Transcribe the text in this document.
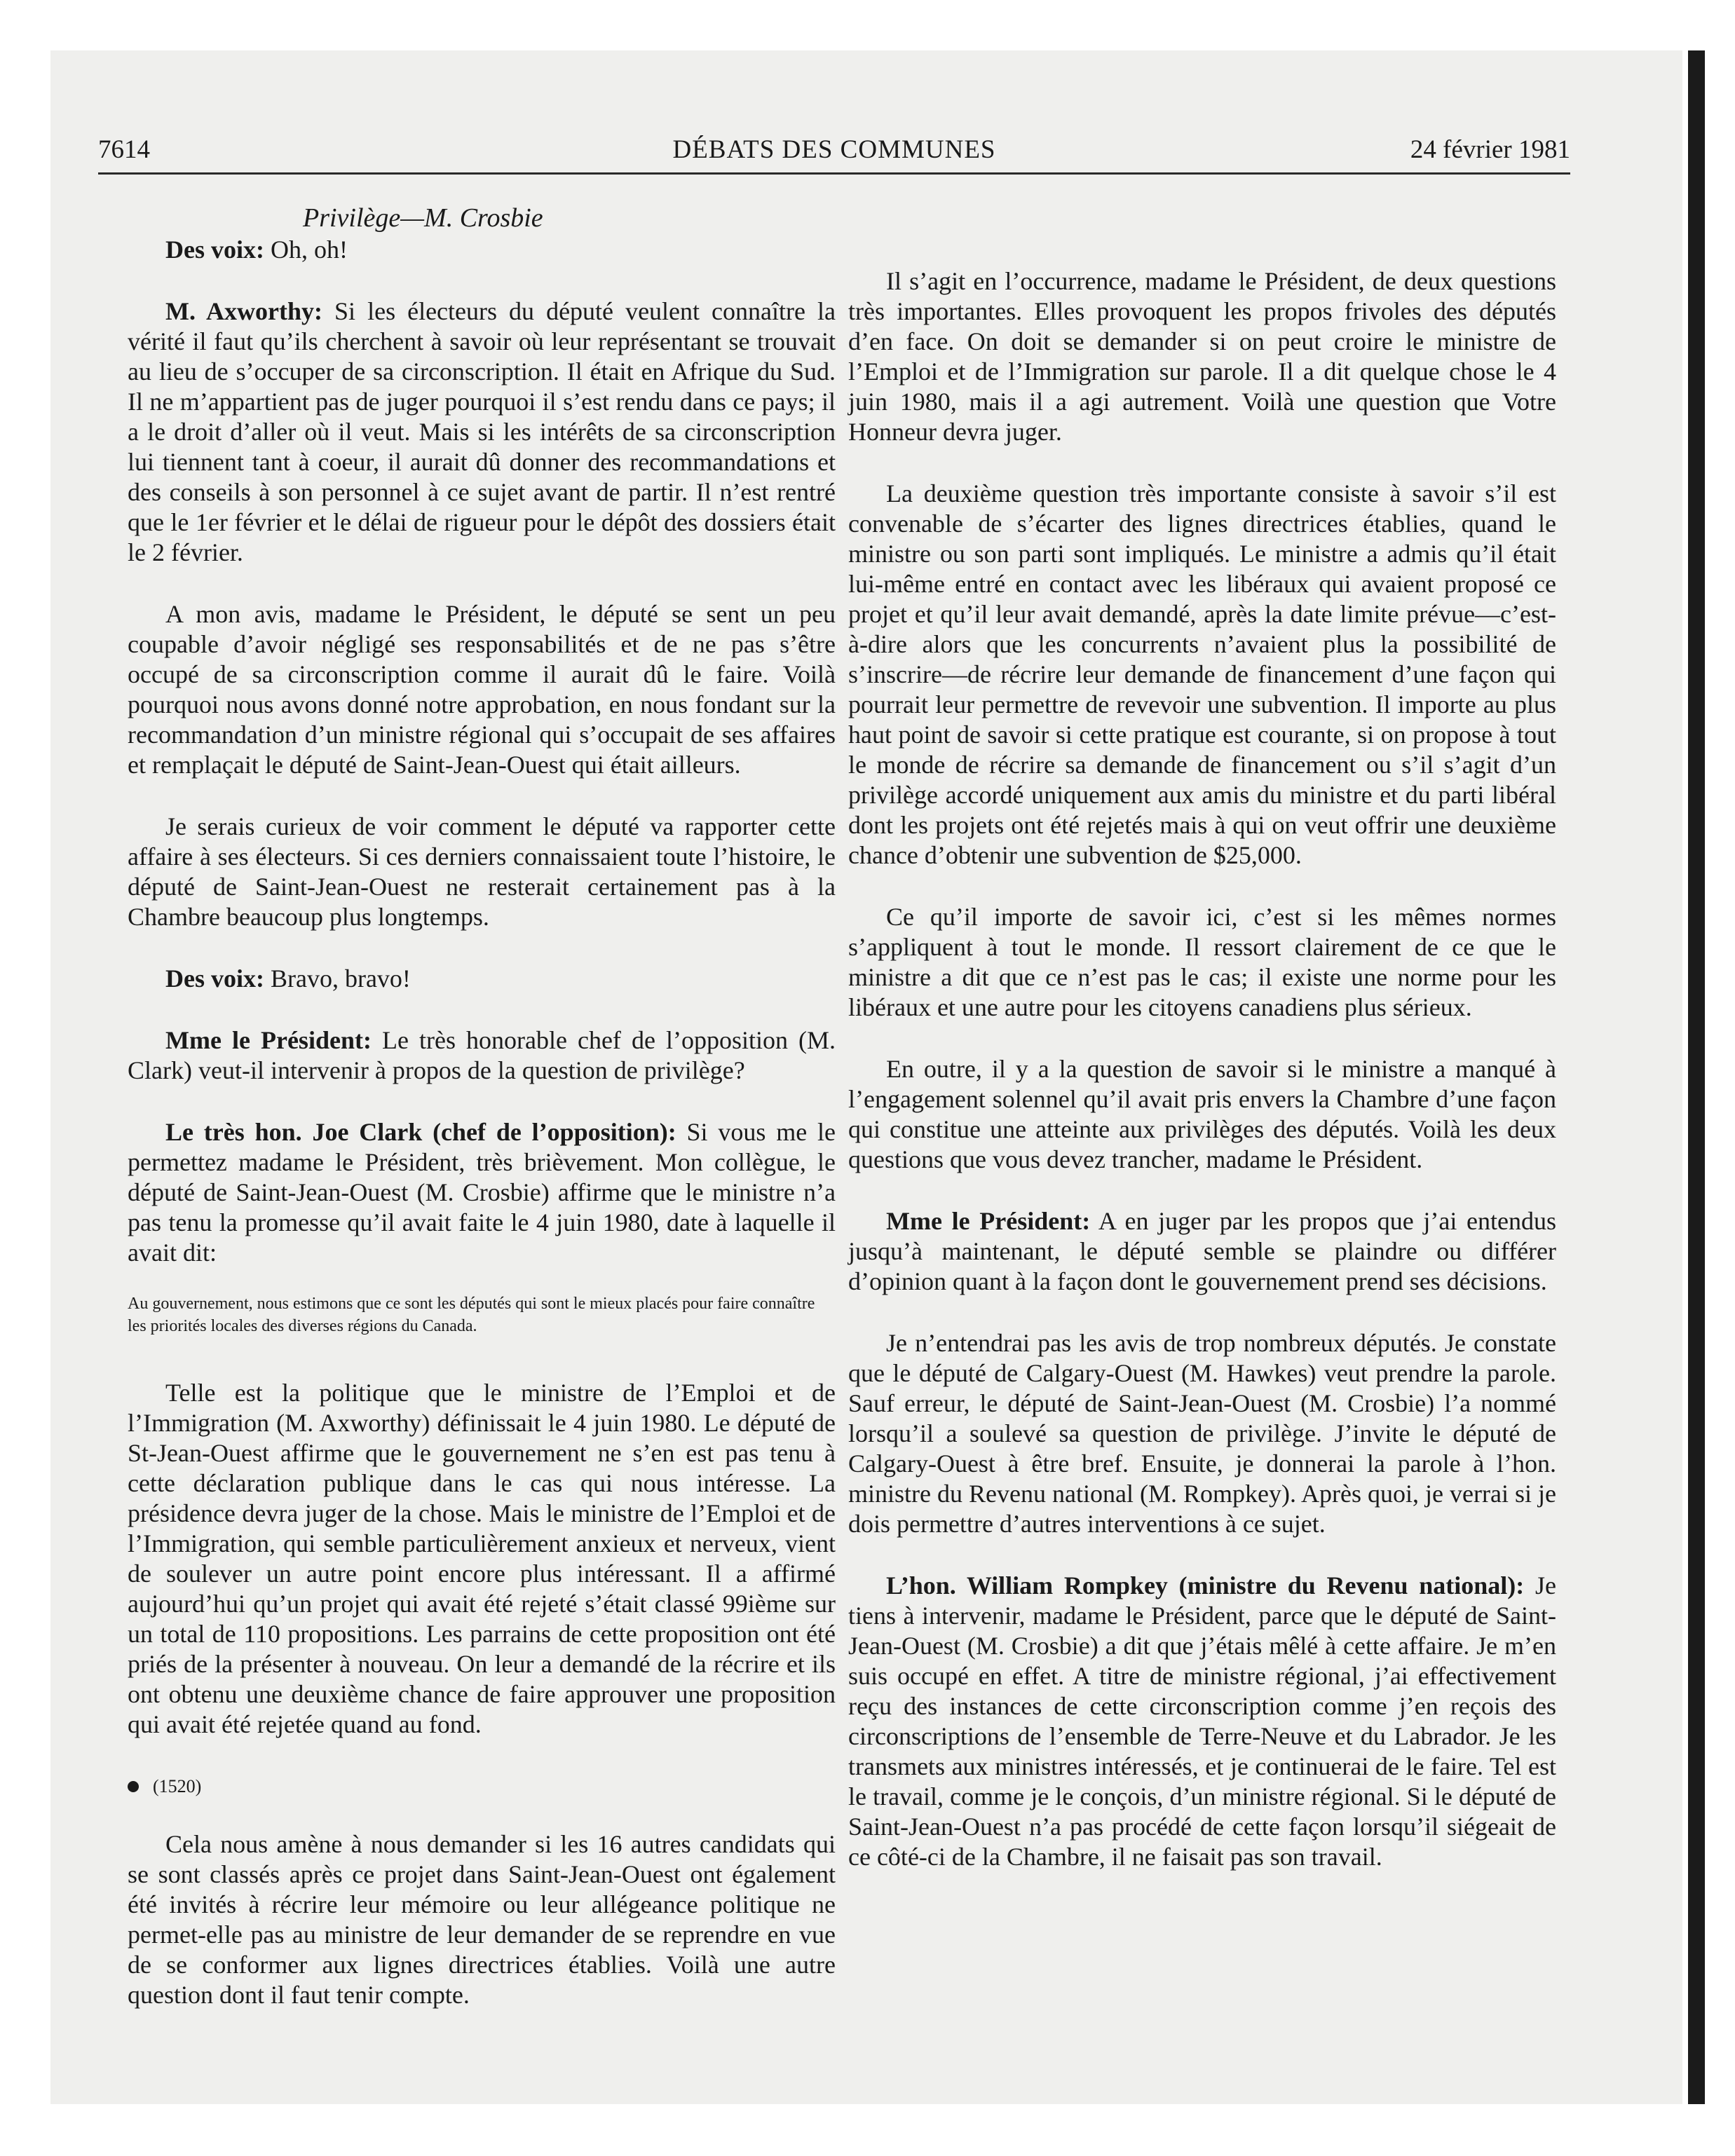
7614	DÉBATS DES COMMUNES	24 février 1981
Privilège—M. Crosbie

Des voix: Oh, oh!

M. Axworthy: Si les électeurs du député veulent connaître la vérité il faut qu’ils cherchent à savoir où leur représentant se trouvait au lieu de s’occuper de sa circonscription. Il était en Afrique du Sud. Il ne m’appartient pas de juger pourquoi il s’est rendu dans ce pays; il a le droit d’aller où il veut. Mais si les intérêts de sa circonscription lui tiennent tant à coeur, il aurait dû donner des recommandations et des conseils à son personnel à ce sujet avant de partir. Il n’est rentré que le 1er février et le délai de rigueur pour le dépôt des dossiers était le 2 février.

A mon avis, madame le Président, le député se sent un peu coupable d’avoir négligé ses responsabilités et de ne pas s’être occupé de sa circonscription comme il aurait dû le faire. Voilà pourquoi nous avons donné notre approbation, en nous fondant sur la recommandation d’un ministre régional qui s’occupait de ses affaires et remplaçait le député de Saint-Jean-Ouest qui était ailleurs.

Je serais curieux de voir comment le député va rapporter cette affaire à ses électeurs. Si ces derniers connaissaient toute l’histoire, le député de Saint-Jean-Ouest ne resterait certainement pas à la Chambre beaucoup plus longtemps.

Des voix: Bravo, bravo!

Mme le Président: Le très honorable chef de l’opposition (M. Clark) veut-il intervenir à propos de la question de privilège?

Le très hon. Joe Clark (chef de l’opposition): Si vous me le permettez madame le Président, très brièvement. Mon collègue, le député de Saint-Jean-Ouest (M. Crosbie) affirme que le ministre n’a pas tenu la promesse qu’il avait faite le 4 juin 1980, date à laquelle il avait dit:

Au gouvernement, nous estimons que ce sont les députés qui sont le mieux placés pour faire connaître les priorités locales des diverses régions du Canada.

Telle est la politique que le ministre de l’Emploi et de l’Immigration (M. Axworthy) définissait le 4 juin 1980. Le député de St-Jean-Ouest affirme que le gouvernement ne s’en est pas tenu à cette déclaration publique dans le cas qui nous intéresse. La présidence devra juger de la chose. Mais le ministre de l’Emploi et de l’Immigration, qui semble particulièrement anxieux et nerveux, vient de soulever un autre point encore plus intéressant. Il a affirmé aujourd’hui qu’un projet qui avait été rejeté s’était classé 99ième sur un total de 110 propositions. Les parrains de cette proposition ont été priés de la présenter à nouveau. On leur a demandé de la récrire et ils ont obtenu une deuxième chance de faire approuver une proposition qui avait été rejetée quand au fond.

(1520)

Cela nous amène à nous demander si les 16 autres candidats qui se sont classés après ce projet dans Saint-Jean-Ouest ont également été invités à récrire leur mémoire ou leur allégeance politique ne permet-elle pas au ministre de leur demander de se reprendre en vue de se conformer aux lignes directrices établies. Voilà une autre question dont il faut tenir compte.

Il s’agit en l’occurrence, madame le Président, de deux questions très importantes. Elles provoquent les propos frivoles des députés d’en face. On doit se demander si on peut croire le ministre de l’Emploi et de l’Immigration sur parole. Il a dit quelque chose le 4 juin 1980, mais il a agi autrement. Voilà une question que Votre Honneur devra juger.

La deuxième question très importante consiste à savoir s’il est convenable de s’écarter des lignes directrices établies, quand le ministre ou son parti sont impliqués. Le ministre a admis qu’il était lui-même entré en contact avec les libéraux qui avaient proposé ce projet et qu’il leur avait demandé, après la date limite prévue—c’est-à-dire alors que les concurrents n’avaient plus la possibilité de s’inscrire—de récrire leur demande de financement d’une façon qui pourrait leur permettre de revevoir une subvention. Il importe au plus haut point de savoir si cette pratique est courante, si on propose à tout le monde de récrire sa demande de financement ou s’il s’agit d’un privilège accordé uniquement aux amis du ministre et du parti libéral dont les projets ont été rejetés mais à qui on veut offrir une deuxième chance d’obtenir une subvention de $25,000.

Ce qu’il importe de savoir ici, c’est si les mêmes normes s’appliquent à tout le monde. Il ressort clairement de ce que le ministre a dit que ce n’est pas le cas; il existe une norme pour les libéraux et une autre pour les citoyens canadiens plus sérieux.

En outre, il y a la question de savoir si le ministre a manqué à l’engagement solennel qu’il avait pris envers la Chambre d’une façon qui constitue une atteinte aux privilèges des députés. Voilà les deux questions que vous devez trancher, madame le Président.

Mme le Président: A en juger par les propos que j’ai entendus jusqu’à maintenant, le député semble se plaindre ou différer d’opinion quant à la façon dont le gouvernement prend ses décisions.

Je n’entendrai pas les avis de trop nombreux députés. Je constate que le député de Calgary-Ouest (M. Hawkes) veut prendre la parole. Sauf erreur, le député de Saint-Jean-Ouest (M. Crosbie) l’a nommé lorsqu’il a soulevé sa question de privilège. J’invite le député de Calgary-Ouest à être bref. Ensuite, je donnerai la parole à l’hon. ministre du Revenu national (M. Rompkey). Après quoi, je verrai si je dois permettre d’autres interventions à ce sujet.

L’hon. William Rompkey (ministre du Revenu national): Je tiens à intervenir, madame le Président, parce que le député de Saint-Jean-Ouest (M. Crosbie) a dit que j’étais mêlé à cette affaire. Je m’en suis occupé en effet. A titre de ministre régional, j’ai effectivement reçu des instances de cette circonscription comme j’en reçois des circonscriptions de l’ensemble de Terre-Neuve et du Labrador. Je les transmets aux ministres intéressés, et je continuerai de le faire. Tel est le travail, comme je le conçois, d’un ministre régional. Si le député de Saint-Jean-Ouest n’a pas procédé de cette façon lorsqu’il siégeait de ce côté-ci de la Chambre, il ne faisait pas son travail.
